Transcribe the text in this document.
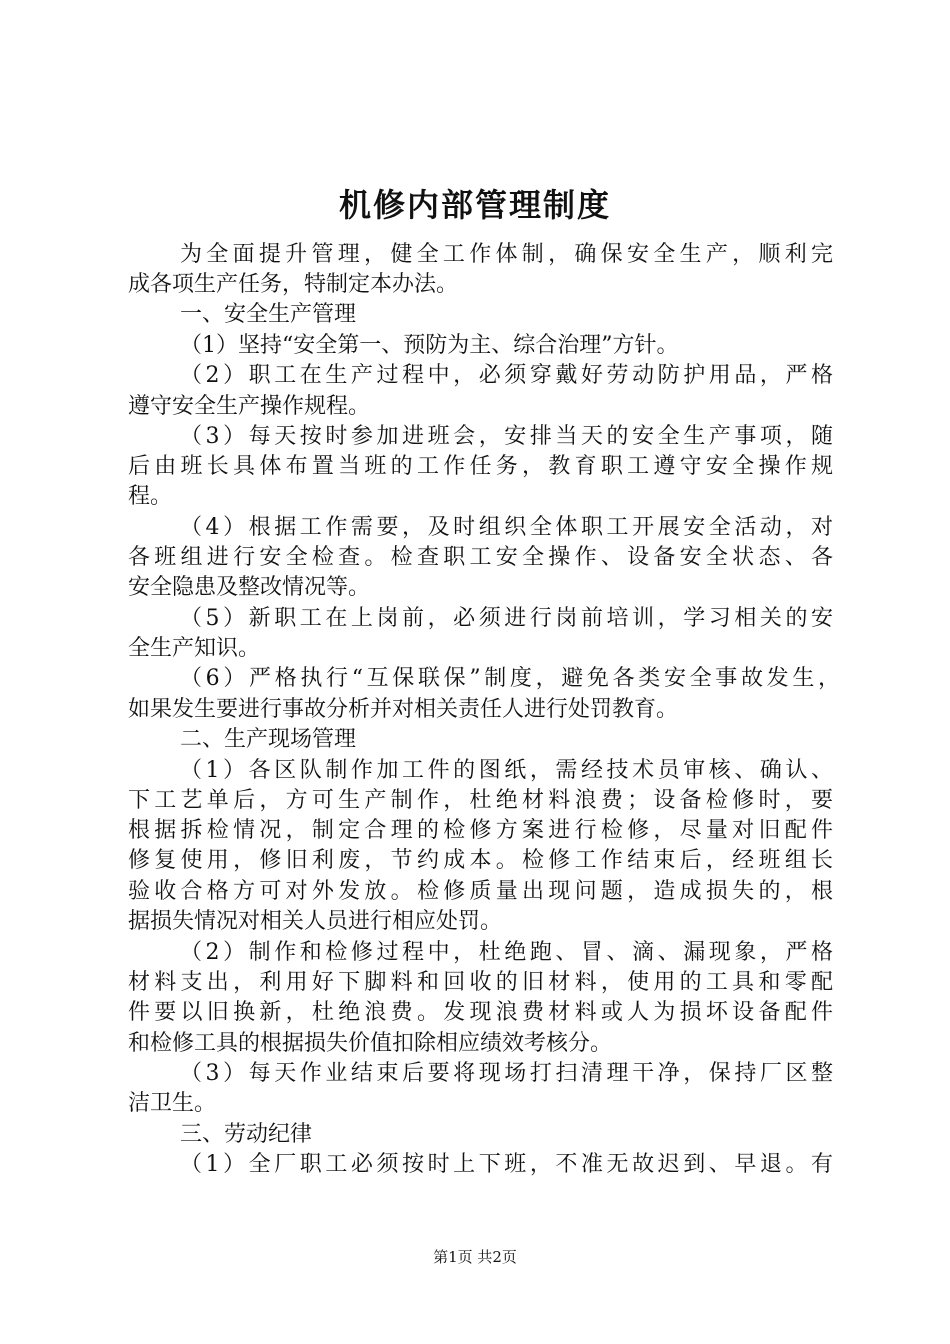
机修内部管理制度
为全面提升管理，健全工作体制，确保安全生产，顺利完
成各项生产任务，特制定本办法。
一、安全生产管理
（1）坚持“安全第一、预防为主、综合治理”方针。
（2）职工在生产过程中，必须穿戴好劳动防护用品，严格
遵守安全生产操作规程。
（3）每天按时参加进班会，安排当天的安全生产事项，随
后由班长具体布置当班的工作任务，教育职工遵守安全操作规
程。
（4）根据工作需要，及时组织全体职工开展安全活动，对
各班组进行安全检查。检查职工安全操作、设备安全状态、各
安全隐患及整改情况等。
（5）新职工在上岗前，必须进行岗前培训，学习相关的安
全生产知识。
（6）严格执行“互保联保”制度，避免各类安全事故发生，
如果发生要进行事故分析并对相关责任人进行处罚教育。
二、生产现场管理
（1）各区队制作加工件的图纸，需经技术员审核、确认、
下工艺单后，方可生产制作，杜绝材料浪费；设备检修时，要
根据拆检情况，制定合理的检修方案进行检修，尽量对旧配件
修复使用，修旧利废，节约成本。检修工作结束后，经班组长
验收合格方可对外发放。检修质量出现问题，造成损失的，根
据损失情况对相关人员进行相应处罚。
（2）制作和检修过程中，杜绝跑、冒、滴、漏现象，严格
材料支出，利用好下脚料和回收的旧材料，使用的工具和零配
件要以旧换新，杜绝浪费。发现浪费材料或人为损坏设备配件
和检修工具的根据损失价值扣除相应绩效考核分。
（3）每天作业结束后要将现场打扫清理干净，保持厂区整
洁卫生。
三、劳动纪律
（1）全厂职工必须按时上下班，不准无故迟到、早退。有
第1页 共2页
